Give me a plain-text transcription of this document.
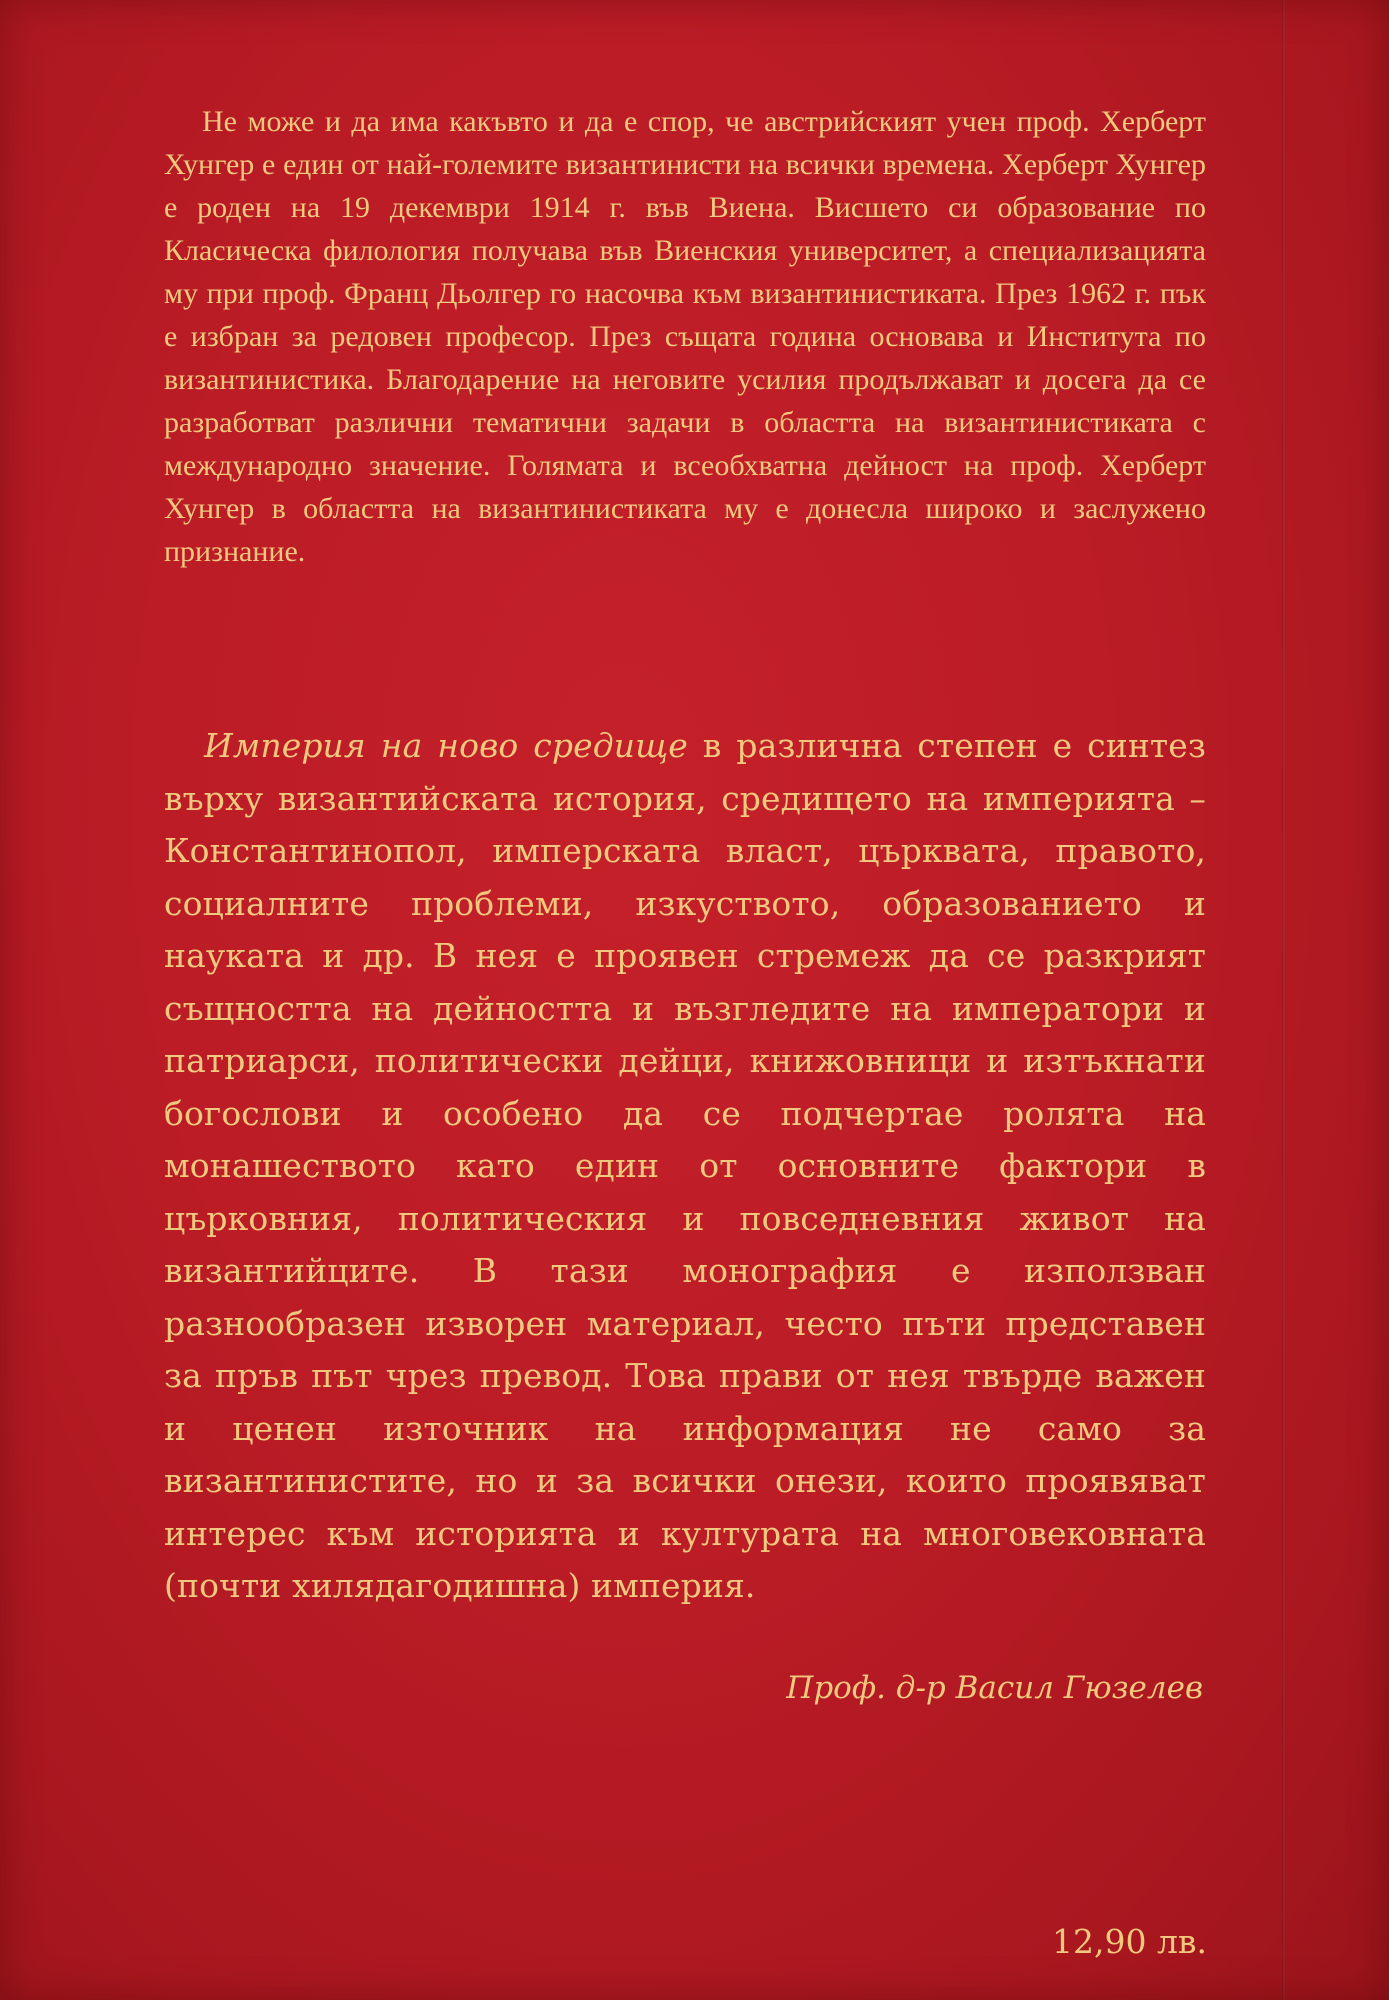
Не може и да има какъвто и да е спор, че австрийският учен проф. Херберт Хунгер е един от най-големите византинисти на всички времена. Херберт Хунгер е роден на 19 декември 1914 г. във Виена. Висшето си образование по Класическа филология получава във Виенския университет, а специализацията му при проф. Франц Дьолгер го насочва към византинистиката. През 1962 г. пък е избран за редовен професор. През същата година основава и Института по византинистика. Благодарение на неговите усилия продължават и досега да се разработват различни тематични задачи в областта на византинистиката с международно значение. Голямата и всеобхватна дейност на проф. Херберт Хунгер в областта на византинистиката му е донесла широко и заслужено признание.

Империя на ново средище в различна степен е синтез върху византийската история, средището на империята – Константинопол, имперската власт, църквата, правото, социалните проблеми, изкуството, образованието и науката и др. В нея е проявен стремеж да се разкрият същността на дейността и възгледите на императори и патриарси, политически дейци, книжовници и изтъкнати богослови и особено да се подчертае ролята на монашеството като един от основните фактори в църковния, политическия и повседневния живот на византийците. В тази монография е използван разнообразен изворен материал, често пъти представен за пръв път чрез превод. Това прави от нея твърде важен и ценен източник на информация не само за византинистите, но и за всички онези, които проявяват интерес към историята и културата на многовековната (почти хилядагодишна) империя.

Проф. д-р Васил Гюзелев

12,90 лв.
